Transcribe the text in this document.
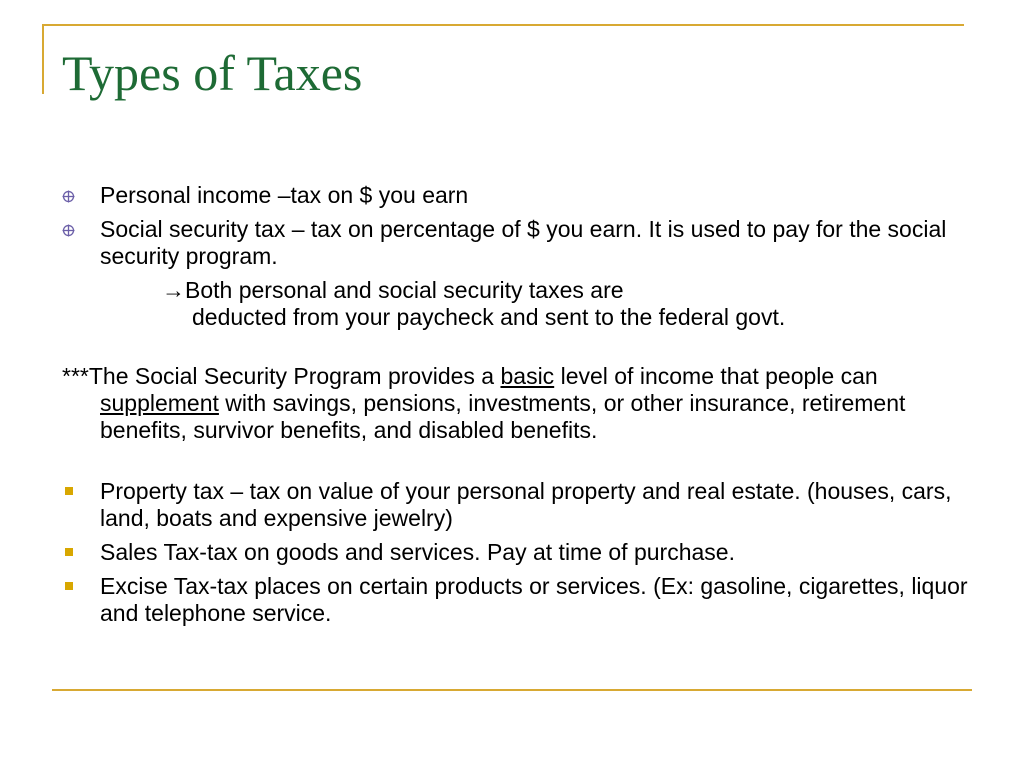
Types of Taxes
Personal income –tax on $ you earn
Social security tax – tax on percentage of $ you earn. It is used to pay for the social security program.
→Both personal and social security taxes are
deducted from your paycheck and sent to the federal govt.
***The Social Security Program provides a basic level of income that people can supplement with savings, pensions, investments, or other insurance, retirement benefits, survivor benefits, and disabled benefits.
Property tax – tax on value of your personal property and real estate. (houses, cars, land, boats and expensive jewelry)
Sales Tax-tax on goods and services. Pay at time of purchase.
Excise Tax-tax places on certain products or services. (Ex: gasoline, cigarettes, liquor and telephone service.
